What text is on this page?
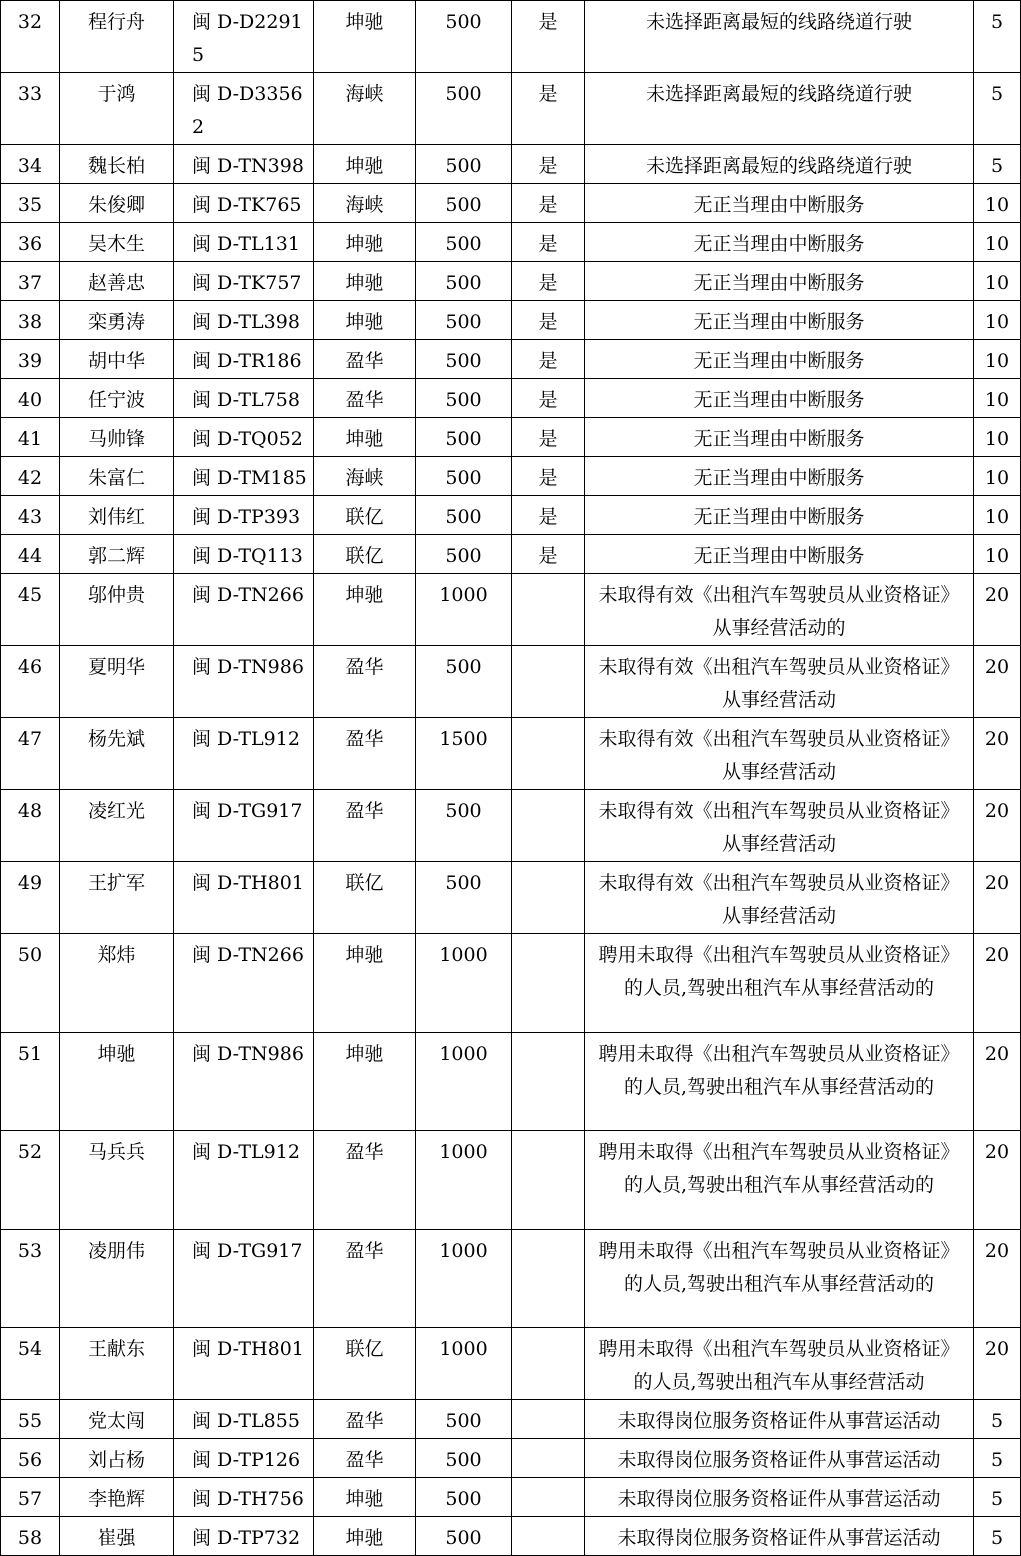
32	程行舟	闽 D-D22915	坤驰	500	是	未选择距离最短的线路绕道行驶	5
33	于鸿	闽 D-D33562	海峡	500	是	未选择距离最短的线路绕道行驶	5
34	魏长柏	闽 D-TN398	坤驰	500	是	未选择距离最短的线路绕道行驶	5
35	朱俊卿	闽 D-TK765	海峡	500	是	无正当理由中断服务	10
36	吴木生	闽 D-TL131	坤驰	500	是	无正当理由中断服务	10
37	赵善忠	闽 D-TK757	坤驰	500	是	无正当理由中断服务	10
38	栾勇涛	闽 D-TL398	坤驰	500	是	无正当理由中断服务	10
39	胡中华	闽 D-TR186	盈华	500	是	无正当理由中断服务	10
40	任宁波	闽 D-TL758	盈华	500	是	无正当理由中断服务	10
41	马帅锋	闽 D-TQ052	坤驰	500	是	无正当理由中断服务	10
42	朱富仁	闽 D-TM185	海峡	500	是	无正当理由中断服务	10
43	刘伟红	闽 D-TP393	联亿	500	是	无正当理由中断服务	10
44	郭二辉	闽 D-TQ113	联亿	500	是	无正当理由中断服务	10
45	邬仲贵	闽 D-TN266	坤驰	1000		未取得有效《出租汽车驾驶员从业资格证》从事经营活动的	20
46	夏明华	闽 D-TN986	盈华	500		未取得有效《出租汽车驾驶员从业资格证》从事经营活动	20
47	杨先斌	闽 D-TL912	盈华	1500		未取得有效《出租汽车驾驶员从业资格证》从事经营活动	20
48	凌红光	闽 D-TG917	盈华	500		未取得有效《出租汽车驾驶员从业资格证》从事经营活动	20
49	王扩军	闽 D-TH801	联亿	500		未取得有效《出租汽车驾驶员从业资格证》从事经营活动	20
50	郑炜	闽 D-TN266	坤驰	1000		聘用未取得《出租汽车驾驶员从业资格证》的人员,驾驶出租汽车从事经营活动的	20
51	坤驰	闽 D-TN986	坤驰	1000		聘用未取得《出租汽车驾驶员从业资格证》的人员,驾驶出租汽车从事经营活动的	20
52	马兵兵	闽 D-TL912	盈华	1000		聘用未取得《出租汽车驾驶员从业资格证》的人员,驾驶出租汽车从事经营活动的	20
53	凌朋伟	闽 D-TG917	盈华	1000		聘用未取得《出租汽车驾驶员从业资格证》的人员,驾驶出租汽车从事经营活动的	20
54	王献东	闽 D-TH801	联亿	1000		聘用未取得《出租汽车驾驶员从业资格证》的人员,驾驶出租汽车从事经营活动	20
55	党太闯	闽 D-TL855	盈华	500		未取得岗位服务资格证件从事营运活动	5
56	刘占杨	闽 D-TP126	盈华	500		未取得岗位服务资格证件从事营运活动	5
57	李艳辉	闽 D-TH756	坤驰	500		未取得岗位服务资格证件从事营运活动	5
58	崔强	闽 D-TP732	坤驰	500		未取得岗位服务资格证件从事营运活动	5
